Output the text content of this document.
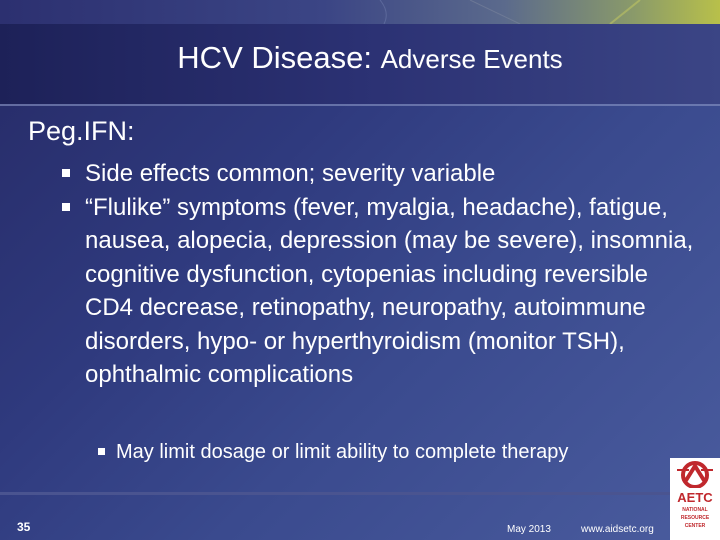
HCV Disease: Adverse Events
Peg.IFN:
Side effects common; severity variable
“Flulike” symptoms (fever, myalgia, headache), fatigue, nausea, alopecia, depression (may be severe), insomnia, cognitive dysfunction, cytopenias including reversible CD4 decrease, retinopathy, neuropathy, autoimmune disorders, hypo- or hyperthyroidism (monitor TSH), ophthalmic complications
May limit dosage or limit ability to complete therapy
35	May 2013	www.aidsetc.org
AETC
NATIONAL
RESOURCE
CENTER
